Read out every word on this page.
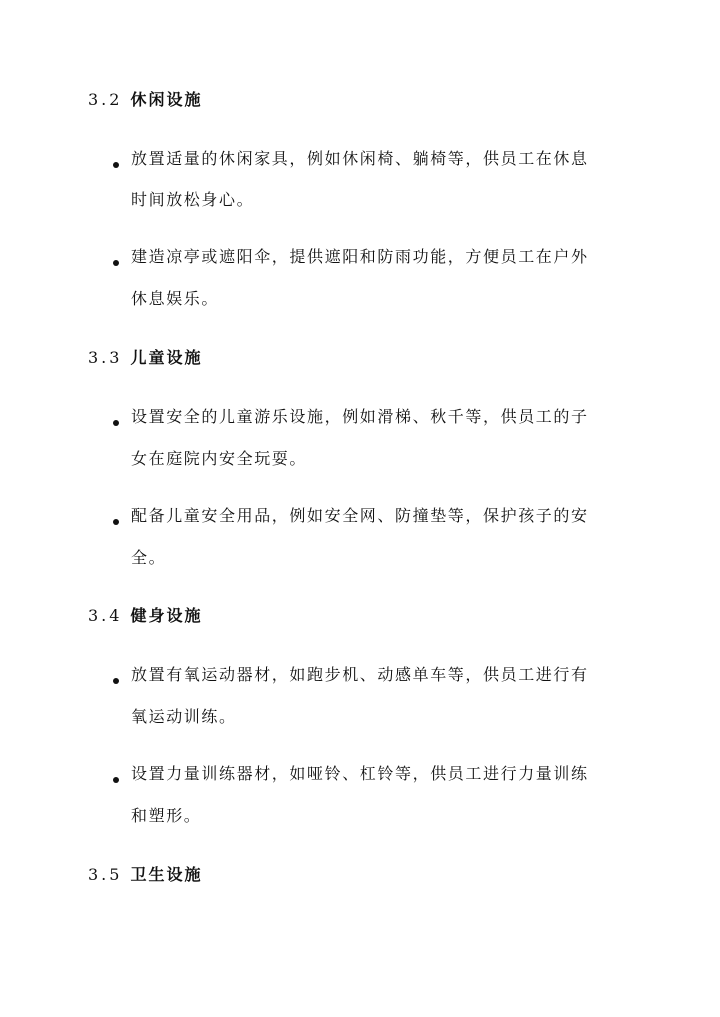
3.2 休闲设施
放置适量的休闲家具，例如休闲椅、躺椅等，供员工在休息
时间放松身心。
建造凉亭或遮阳伞，提供遮阳和防雨功能，方便员工在户外
休息娱乐。
3.3 儿童设施
设置安全的儿童游乐设施，例如滑梯、秋千等，供员工的子
女在庭院内安全玩耍。
配备儿童安全用品，例如安全网、防撞垫等，保护孩子的安
全。
3.4 健身设施
放置有氧运动器材，如跑步机、动感单车等，供员工进行有
氧运动训练。
设置力量训练器材，如哑铃、杠铃等，供员工进行力量训练
和塑形。
3.5 卫生设施
